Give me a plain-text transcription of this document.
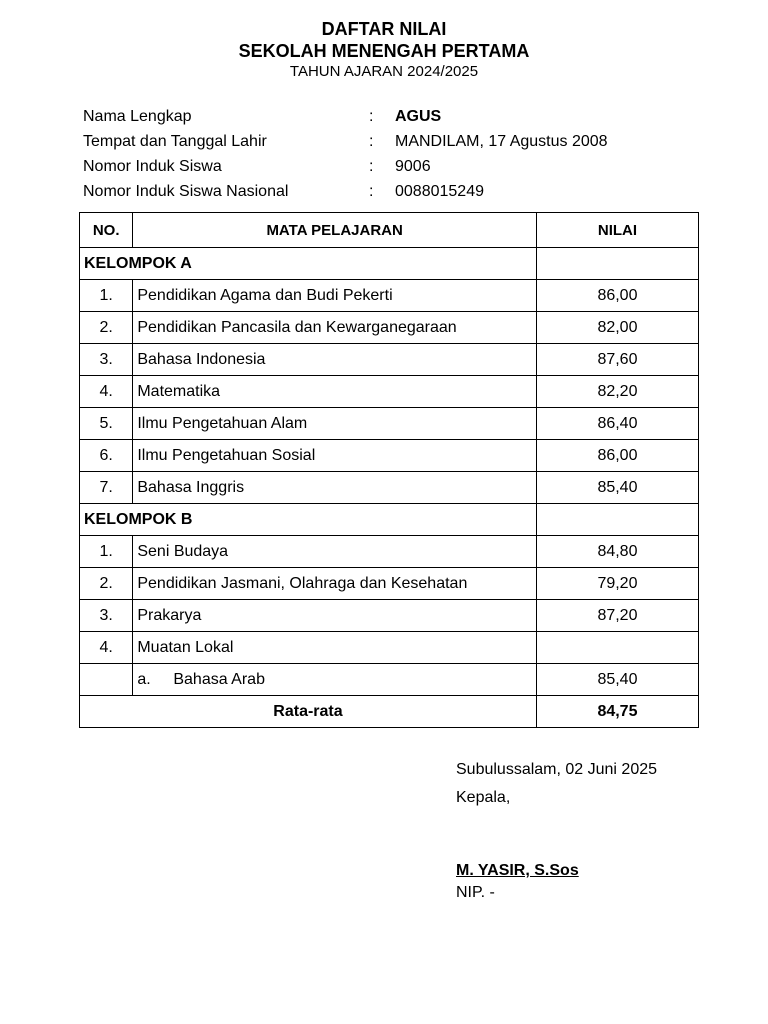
DAFTAR NILAI
SEKOLAH MENENGAH PERTAMA
TAHUN AJARAN 2024/2025
Nama Lengkap	: AGUS
Tempat dan Tanggal Lahir	: MANDILAM, 17 Agustus 2008
Nomor Induk Siswa	: 9006
Nomor Induk Siswa Nasional	: 0088015249
NO.	MATA PELAJARAN	NILAI
KELOMPOK A		
1.	Pendidikan Agama dan Budi Pekerti	86,00
2.	Pendidikan Pancasila dan Kewarganegaraan	82,00
3.	Bahasa Indonesia	87,60
4.	Matematika	82,20
5.	Ilmu Pengetahuan Alam	86,40
6.	Ilmu Pengetahuan Sosial	86,00
7.	Bahasa Inggris	85,40
KELOMPOK B		
1.	Seni Budaya	84,80
2.	Pendidikan Jasmani, Olahraga dan Kesehatan	79,20
3.	Prakarya	87,20
4.	Muatan Lokal	
	a. Bahasa Arab	85,40
Rata-rata		84,75
Subulussalam, 02 Juni 2025
Kepala,
M. YASIR, S.Sos
NIP. -
